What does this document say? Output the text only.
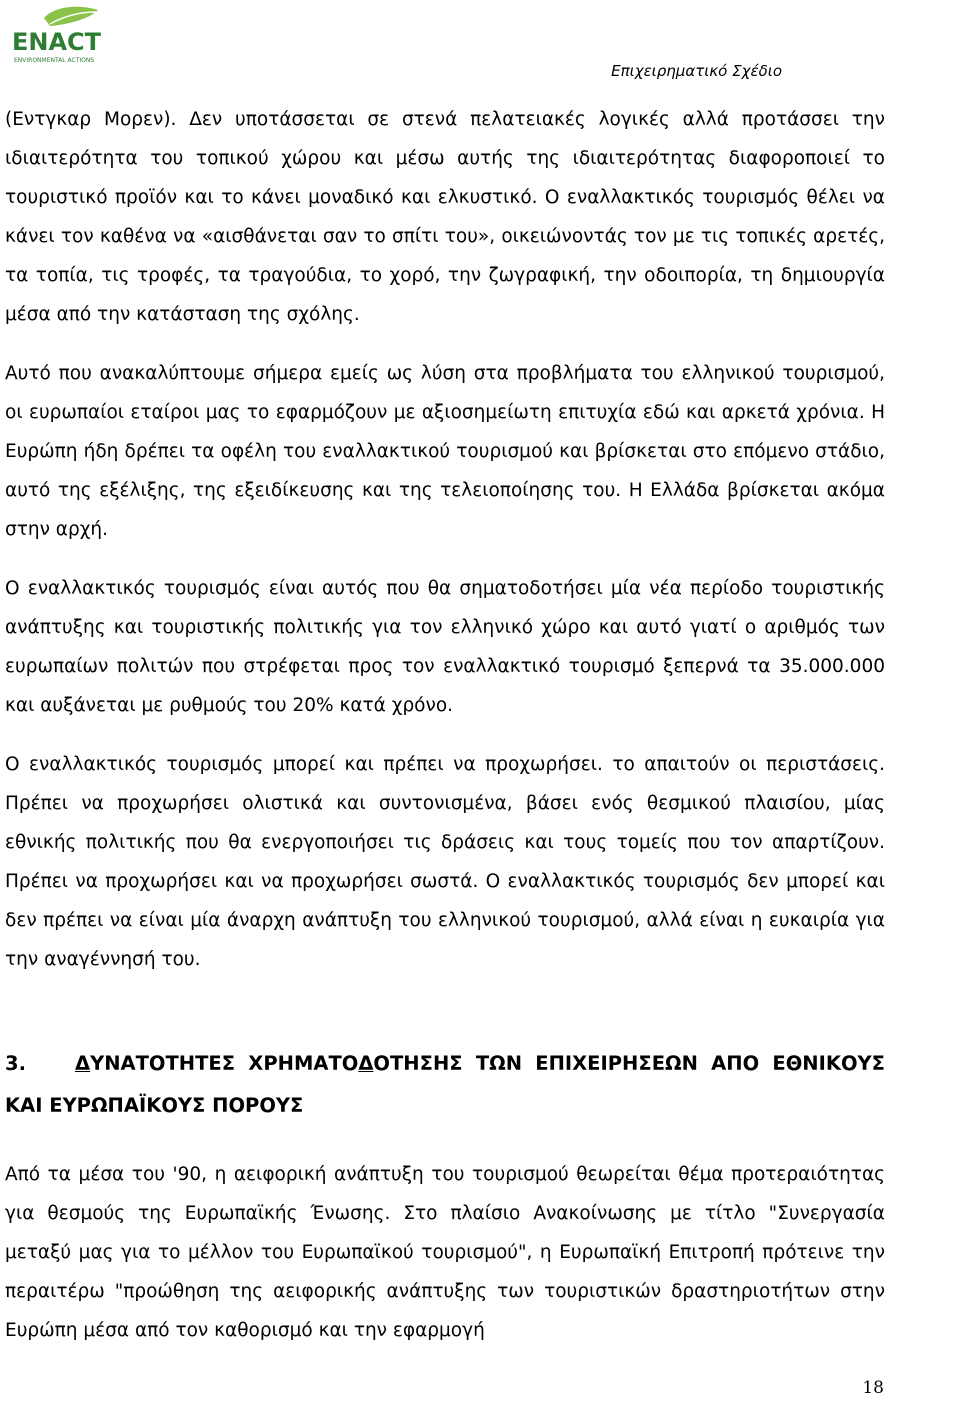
ENACT
ENVIRONMENTAL ACTIONS
Επιχειρηματικό Σχέδιο

(Εντγκαρ Μορεν). Δεν υποτάσσεται σε στενά πελατειακές λογικές αλλά προτάσσει την ιδιαιτερότητα του τοπικού χώρου και μέσω αυτής της ιδιαιτερότητας διαφοροποιεί το τουριστικό προϊόν και το κάνει μοναδικό και ελκυστικό. Ο εναλλακτικός τουρισμός θέλει να κάνει τον καθένα να «αισθάνεται σαν το σπίτι του», οικειώνοντάς τον με τις τοπικές αρετές, τα τοπία, τις τροφές, τα τραγούδια, το χορό, την ζωγραφική, την οδοιπορία, τη δημιουργία μέσα από την κατάσταση της σχόλης.

Αυτό που ανακαλύπτουμε σήμερα εμείς ως λύση στα προβλήματα του ελληνικού τουρισμού, οι ευρωπαίοι εταίροι μας το εφαρμόζουν με αξιοσημείωτη επιτυχία εδώ και αρκετά χρόνια. Η Ευρώπη ήδη δρέπει τα οφέλη του εναλλακτικού τουρισμού και βρίσκεται στο επόμενο στάδιο, αυτό της εξέλιξης, της εξειδίκευσης και της τελειοποίησης του. Η Ελλάδα βρίσκεται ακόμα στην αρχή.

Ο εναλλακτικός τουρισμός είναι αυτός που θα σηματοδοτήσει μία νέα περίοδο τουριστικής ανάπτυξης και τουριστικής πολιτικής για τον ελληνικό χώρο και αυτό γιατί ο αριθμός των ευρωπαίων πολιτών που στρέφεται προς τον εναλλακτικό τουρισμό ξεπερνά τα 35.000.000 και αυξάνεται με ρυθμούς του 20% κατά χρόνο.

Ο εναλλακτικός τουρισμός μπορεί και πρέπει να προχωρήσει. το απαιτούν οι περιστάσεις. Πρέπει να προχωρήσει ολιστικά και συντονισμένα, βάσει ενός θεσμικού πλαισίου, μίας εθνικής πολιτικής που θα ενεργοποιήσει τις δράσεις και τους τομείς που τον απαρτίζουν. Πρέπει να προχωρήσει και να προχωρήσει σωστά. Ο εναλλακτικός τουρισμός δεν μπορεί και δεν πρέπει να είναι μία άναρχη ανάπτυξη του ελληνικού τουρισμού, αλλά είναι η ευκαιρία για την αναγέννησή του.

3.	ΔΥΝΑΤΟΤΗΤΕΣ ΧΡΗΜΑΤΟΔΟΤΗΣΗΣ ΤΩΝ ΕΠΙΧΕΙΡΗΣΕΩΝ ΑΠΟ ΕΘΝΙΚΟΥΣ ΚΑΙ ΕΥΡΩΠΑΪΚΟΥΣ ΠΟΡΟΥΣ

Από τα μέσα του '90, η αειφορική ανάπτυξη του τουρισμού θεωρείται θέμα προτεραιότητας για θεσμούς της Ευρωπαϊκής Ένωσης. Στο πλαίσιο Ανακοίνωσης με τίτλο "Συνεργασία μεταξύ μας για το μέλλον του Ευρωπαϊκού τουρισμού", η Ευρωπαϊκή Επιτροπή πρότεινε την περαιτέρω "προώθηση της αειφορικής ανάπτυξης των τουριστικών δραστηριοτήτων στην Ευρώπη μέσα από τον καθορισμό και την εφαρμογή

18
